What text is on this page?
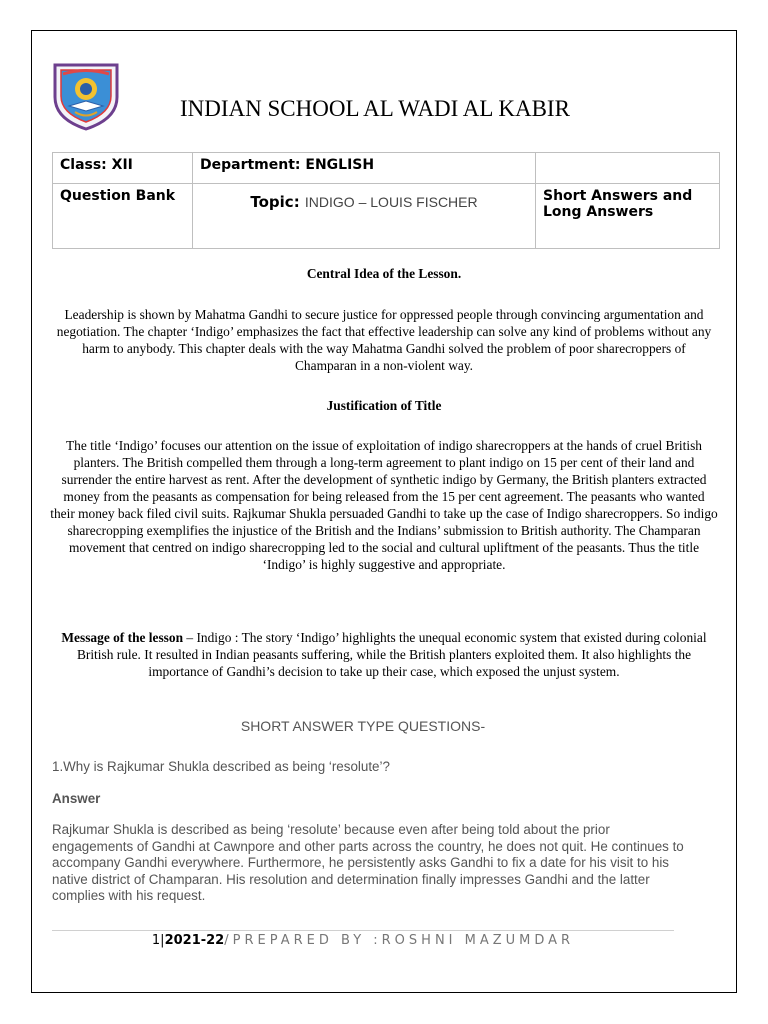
INDIAN SCHOOL AL WADI AL KABIR
Class: XII	Department: ENGLISH	
Question Bank	Topic: INDIGO – LOUIS FISCHER	Short Answers and Long Answers
Central Idea of the Lesson.

Leadership is shown by Mahatma Gandhi to secure justice for oppressed people through convincing argumentation and negotiation. The chapter ‘Indigo’ emphasizes the fact that effective leadership can solve any kind of problems without any harm to anybody. This chapter deals with the way Mahatma Gandhi solved the problem of poor sharecroppers of Champaran in a non-violent way.

Justification of Title

The title ‘Indigo’ focuses our attention on the issue of exploitation of indigo sharecroppers at the hands of cruel British planters. The British compelled them through a long-term agreement to plant indigo on 15 per cent of their land and surrender the entire harvest as rent. After the development of synthetic indigo by Germany, the British planters extracted money from the peasants as compensation for being released from the 15 per cent agreement. The peasants who wanted their money back filed civil suits. Rajkumar Shukla persuaded Gandhi to take up the case of Indigo sharecroppers. So indigo sharecropping exemplifies the injustice of the British and the Indians’ submission to British authority. The Champaran movement that centred on indigo sharecropping led to the social and cultural upliftment of the peasants. Thus the title ‘Indigo’ is highly suggestive and appropriate.

Message of the lesson – Indigo : The story ‘Indigo’ highlights the unequal economic system that existed during colonial British rule. It resulted in Indian peasants suffering, while the British planters exploited them. It also highlights the importance of Gandhi’s decision to take up their case, which exposed the unjust system.

SHORT ANSWER TYPE QUESTIONS-
1.Why is Rajkumar Shukla described as being ‘resolute’?
Answer

Rajkumar Shukla is described as being ‘resolute’ because even after being told about the prior engagements of Gandhi at Cawnpore and other parts across the country, he does not quit. He continues to accompany Gandhi everywhere. Furthermore, he persistently asks Gandhi to fix a date for his visit to his native district of Champaran. His resolution and determination finally impresses Gandhi and the latter complies with his request.

1|2021-22/PREPARED BY :ROSHNI MAZUMDAR
